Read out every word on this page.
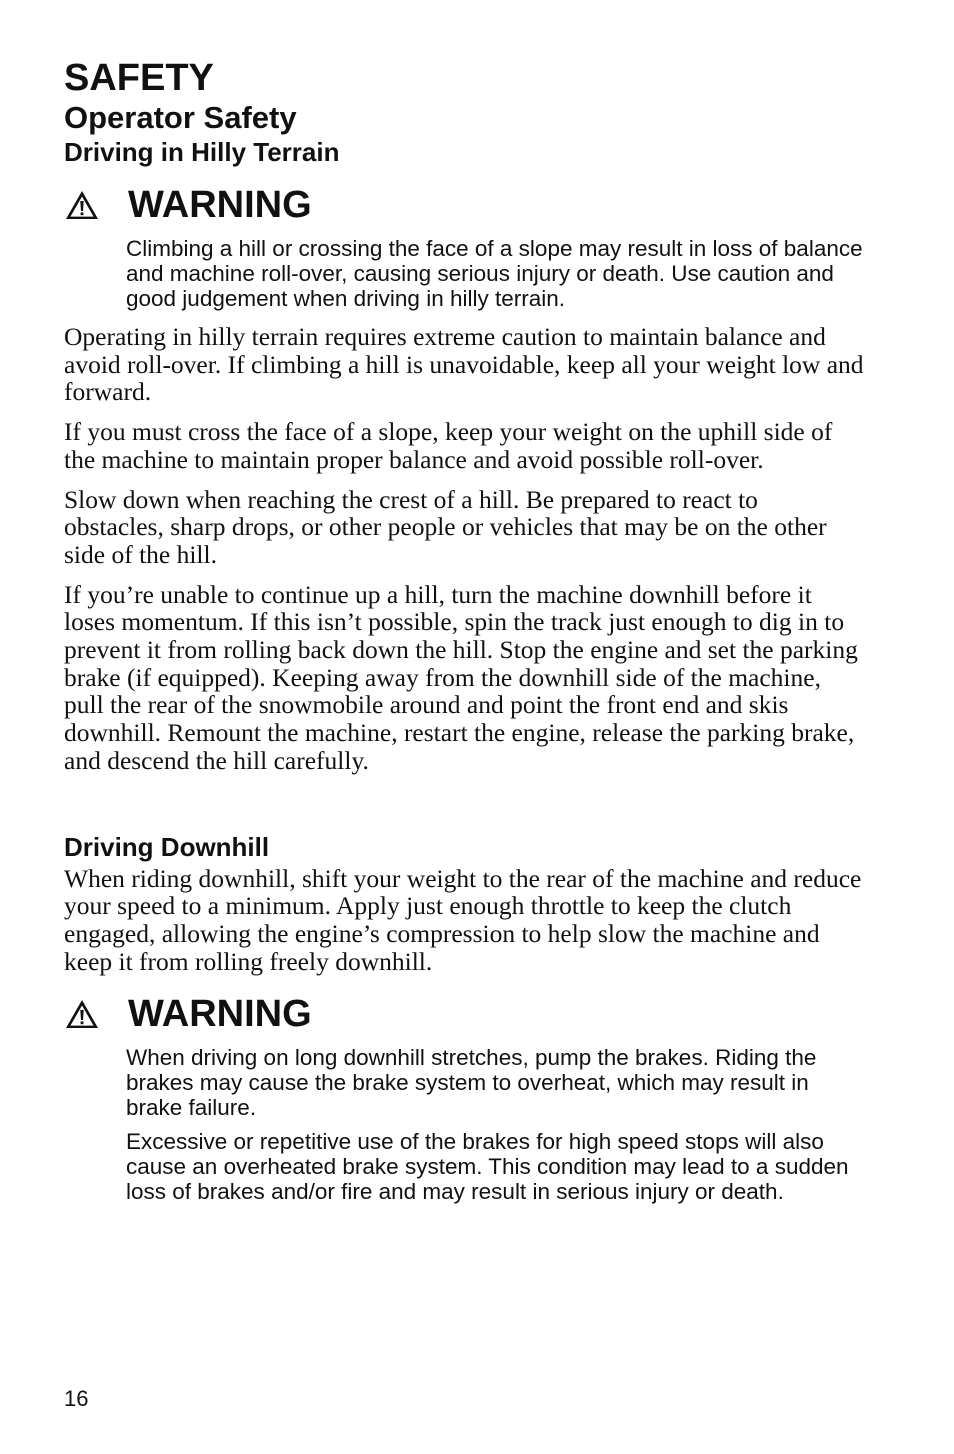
SAFETY
Operator Safety
Driving in Hilly Terrain
WARNING

Climbing a hill or crossing the face of a slope may result in loss of balance and machine roll-over, causing serious injury or death. Use caution and good judgement when driving in hilly terrain.

Operating in hilly terrain requires extreme caution to maintain balance and avoid roll-over. If climbing a hill is unavoidable, keep all your weight low and forward.

If you must cross the face of a slope, keep your weight on the uphill side of the machine to maintain proper balance and avoid possible roll-over.

Slow down when reaching the crest of a hill. Be prepared to react to obstacles, sharp drops, or other people or vehicles that may be on the other side of the hill.

If you’re unable to continue up a hill, turn the machine downhill before it loses momentum. If this isn’t possible, spin the track just enough to dig in to prevent it from rolling back down the hill. Stop the engine and set the parking brake (if equipped). Keeping away from the downhill side of the machine, pull the rear of the snowmobile around and point the front end and skis downhill. Remount the machine, restart the engine, release the parking brake, and descend the hill carefully.

Driving Downhill

When riding downhill, shift your weight to the rear of the machine and reduce your speed to a minimum. Apply just enough throttle to keep the clutch engaged, allowing the engine’s compression to help slow the machine and keep it from rolling freely downhill.

WARNING

When driving on long downhill stretches, pump the brakes. Riding the brakes may cause the brake system to overheat, which may result in brake failure.

Excessive or repetitive use of the brakes for high speed stops will also cause an overheated brake system. This condition may lead to a sudden loss of brakes and/or fire and may result in serious injury or death.

16
